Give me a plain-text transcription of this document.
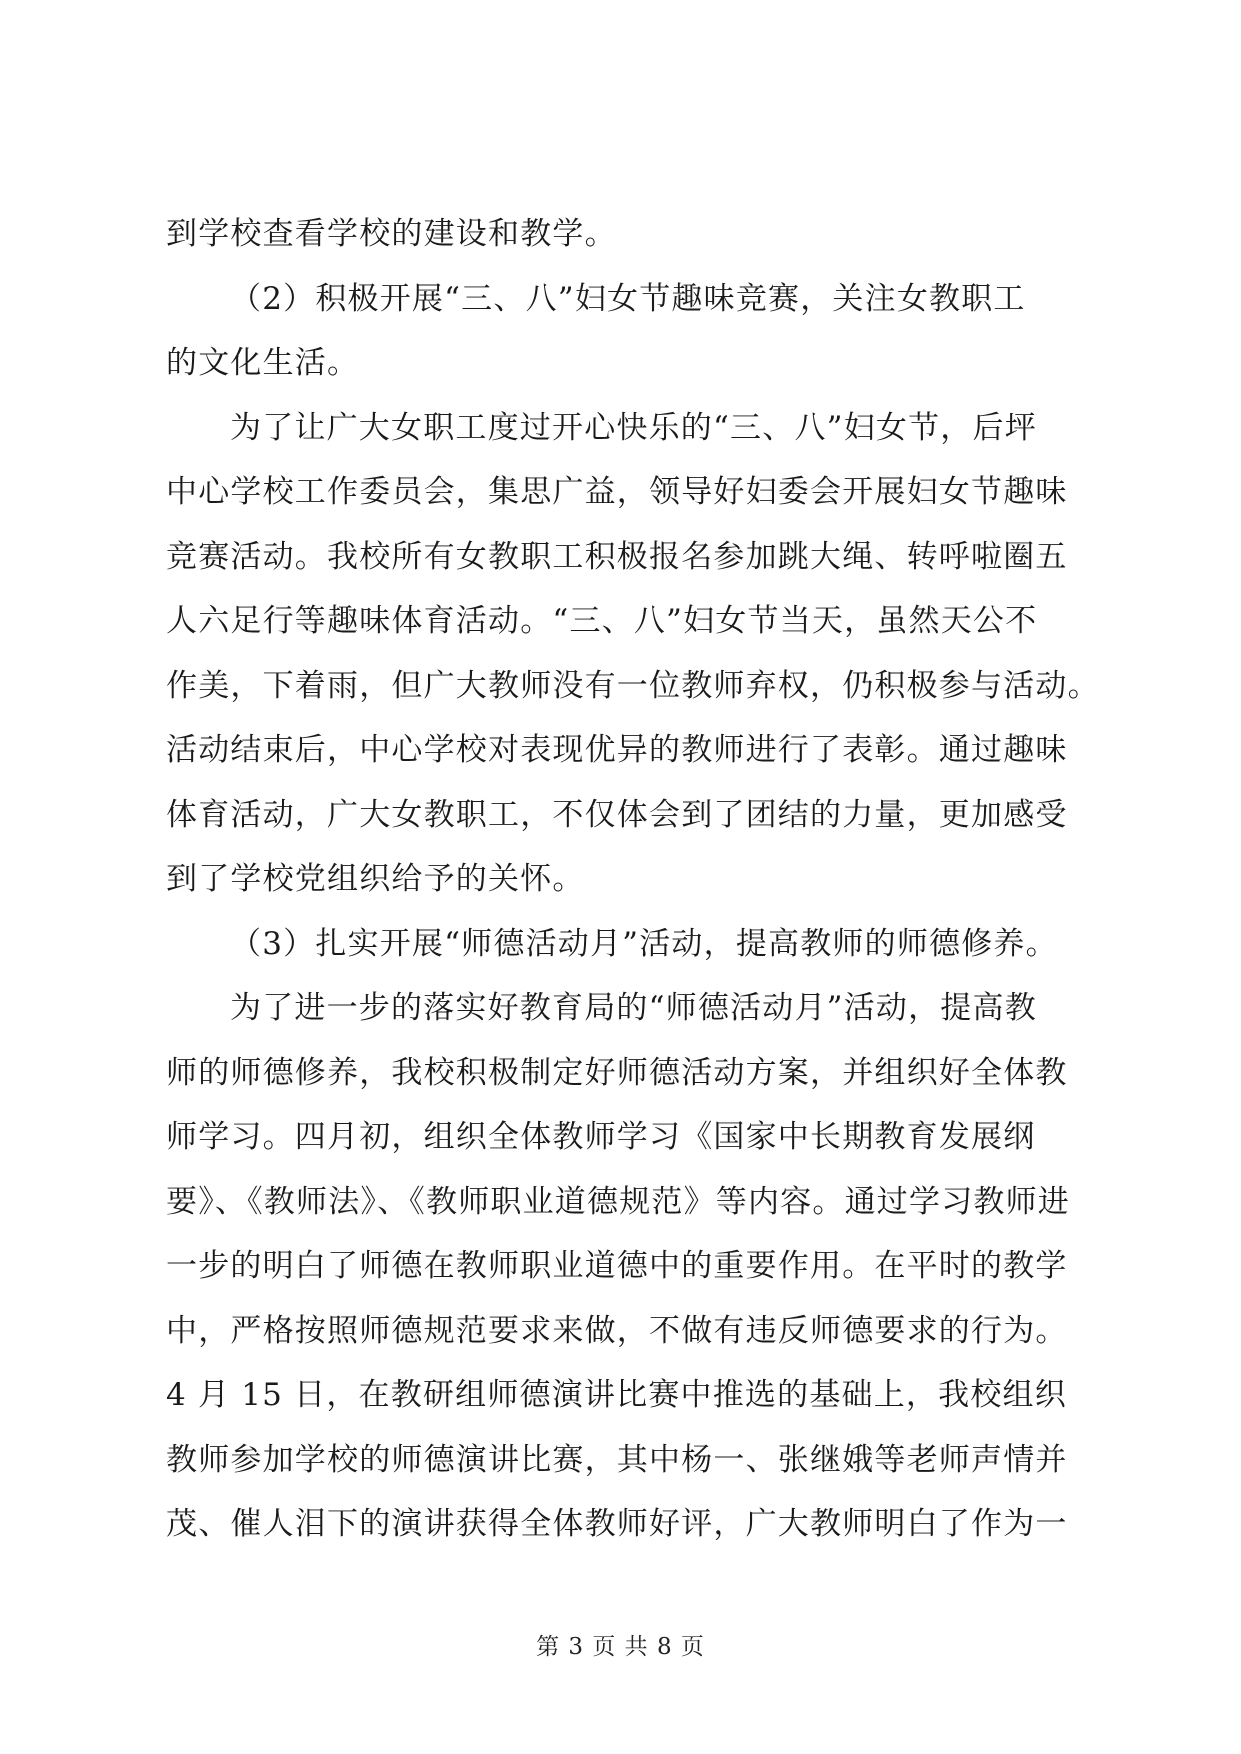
到学校查看学校的建设和教学。
（2）积极开展“三、八”妇女节趣味竞赛，关注女教职工
的文化生活。
为了让广大女职工度过开心快乐的“三、八”妇女节，后坪
中心学校工作委员会，集思广益，领导好妇委会开展妇女节趣味
竞赛活动。我校所有女教职工积极报名参加跳大绳、转呼啦圈五
人六足行等趣味体育活动。“三、八”妇女节当天，虽然天公不
作美，下着雨，但广大教师没有一位教师弃权，仍积极参与活动。
活动结束后，中心学校对表现优异的教师进行了表彰。通过趣味
体育活动，广大女教职工，不仅体会到了团结的力量，更加感受
到了学校党组织给予的关怀。
（3）扎实开展“师德活动月”活动，提高教师的师德修养。
为了进一步的落实好教育局的“师德活动月”活动，提高教
师的师德修养，我校积极制定好师德活动方案，并组织好全体教
师学习。四月初，组织全体教师学习《国家中长期教育发展纲
要》、《教师法》、《教师职业道德规范》等内容。通过学习教师进
一步的明白了师德在教师职业道德中的重要作用。在平时的教学
中，严格按照师德规范要求来做，不做有违反师德要求的行为。
4 月 15 日，在教研组师德演讲比赛中推选的基础上，我校组织
教师参加学校的师德演讲比赛，其中杨一、张继娥等老师声情并
茂、催人泪下的演讲获得全体教师好评，广大教师明白了作为一
第 3 页 共 8 页
